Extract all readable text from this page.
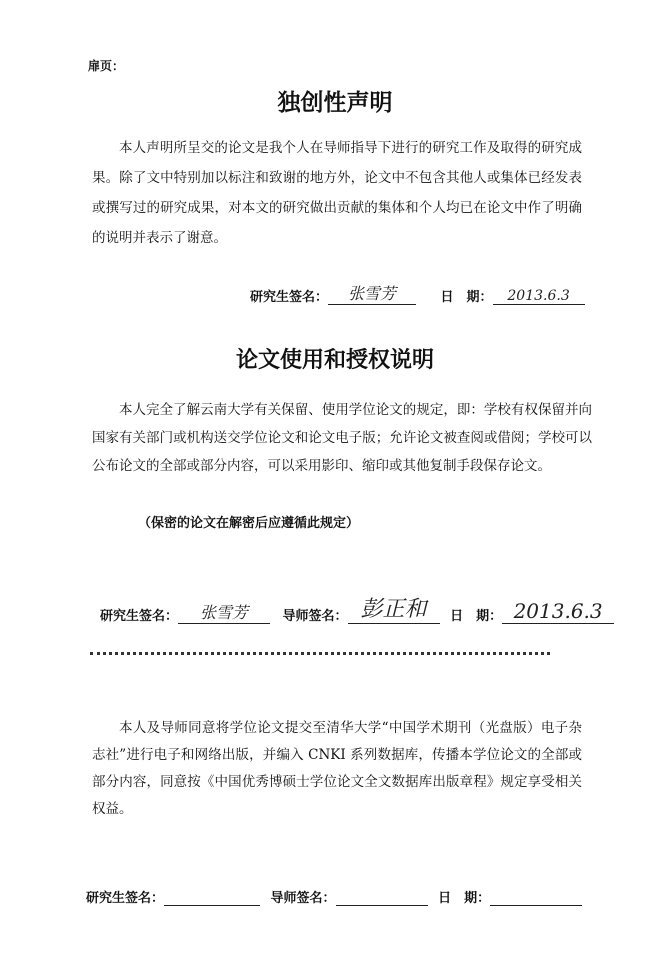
扉页：
独创性声明
本人声明所呈交的论文是我个人在导师指导下进行的研究工作及取得的研究成果。除了文中特别加以标注和致谢的地方外，论文中不包含其他人或集体已经发表或撰写过的研究成果，对本文的研究做出贡献的集体和个人均已在论文中作了明确的说明并表示了谢意。
研究生签名： 张雪芳	日　期： 2013.6.3
论文使用和授权说明
本人完全了解云南大学有关保留、使用学位论文的规定，即：学校有权保留并向国家有关部门或机构送交学位论文和论文电子版；允许论文被查阅或借阅；学校可以公布论文的全部或部分内容，可以采用影印、缩印或其他复制手段保存论文。
（保密的论文在解密后应遵循此规定）
研究生签名： 张雪芳	导师签名： 彭正和 日　期： 2013.6.3
本人及导师同意将学位论文提交至清华大学“中国学术期刊（光盘版）电子杂志社”进行电子和网络出版，并编入 CNKI 系列数据库，传播本学位论文的全部或部分内容，同意按《中国优秀博硕士学位论文全文数据库出版章程》规定享受相关权益。
研究生签名：	导师签名：	日　期：
